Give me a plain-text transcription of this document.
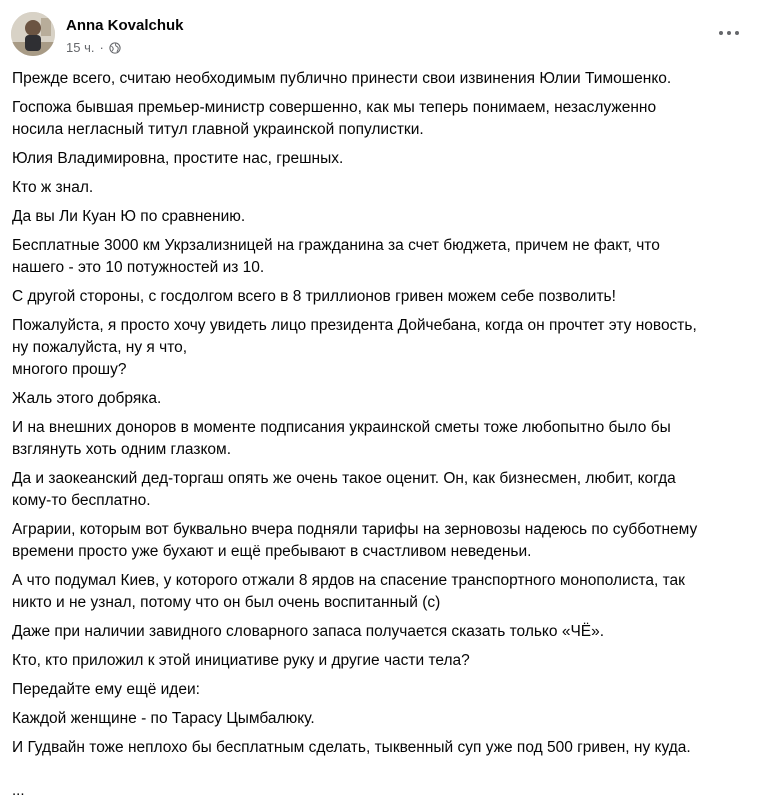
Anna Kovalchuk
15 ч. ·

Прежде всего, считаю необходимым публично принести свои извинения Юлии Тимошенко.

Госпожа бывшая премьер-министр совершенно, как мы теперь понимаем, незаслуженно
носила негласный титул главной украинской популистки.

Юлия Владимировна, простите нас, грешных.

Кто ж знал.

Да вы Ли Куан Ю по сравнению.

Бесплатные 3000 км Укрзализницей на гражданина за счет бюджета, причем не факт, что
нашего - это 10 потужностей из 10.

С другой стороны, с госдолгом всего в 8 триллионов гривен можем себе позволить!

Пожалуйста, я просто хочу увидеть лицо президента Дойчебана, когда он прочтет эту новость,
ну пожалуйста, ну я что,
многого прошу?

Жаль этого добряка.

И на внешних доноров в моменте подписания украинской сметы тоже любопытно было бы
взглянуть хоть одним глазком.

Да и заокеанский дед-торгаш опять же очень такое оценит. Он, как бизнесмен, любит, когда
кому-то бесплатно.

Аграрии, которым вот буквально вчера подняли тарифы на зерновозы надеюсь по субботнему
времени просто уже бухают и ещё пребывают в счастливом неведеньи.

А что подумал Киев, у которого отжали 8 ярдов на спасение транспортного монополиста, так
никто и не узнал, потому что он был очень воспитанный (с)

Даже при наличии завидного словарного запаса получается сказать только «ЧЁ».

Кто, кто приложил к этой инициативе руку и другие части тела?

Передайте ему ещё идеи:

Каждой женщине - по Тарасу Цымбалюку.

И Гудвайн тоже неплохо бы бесплатным сделать, тыквенный суп уже под 500 гривен, ну куда.

...
